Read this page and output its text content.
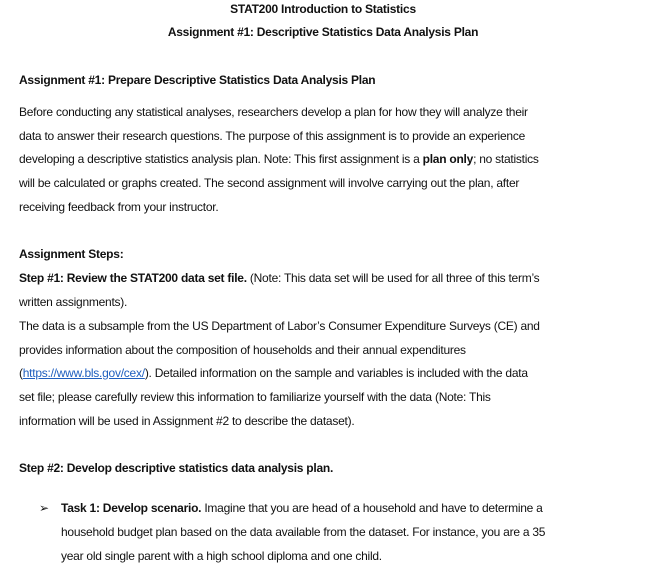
STAT200 Introduction to Statistics
Assignment #1: Descriptive Statistics Data Analysis Plan
Assignment #1: Prepare Descriptive Statistics Data Analysis Plan
Before conducting any statistical analyses, researchers develop a plan for how they will analyze their
data to answer their research questions. The purpose of this assignment is to provide an experience
developing a descriptive statistics analysis plan. Note: This first assignment is a plan only; no statistics
will be calculated or graphs created. The second assignment will involve carrying out the plan, after
receiving feedback from your instructor.
Assignment Steps:
Step #1: Review the STAT200 data set file. (Note: This data set will be used for all three of this term’s
written assignments).
The data is a subsample from the US Department of Labor’s Consumer Expenditure Surveys (CE) and
provides information about the composition of households and their annual expenditures
(https://www.bls.gov/cex/). Detailed information on the sample and variables is included with the data
set file; please carefully review this information to familiarize yourself with the data (Note: This
information will be used in Assignment #2 to describe the dataset).
Step #2: Develop descriptive statistics data analysis plan.
➢ Task 1: Develop scenario. Imagine that you are head of a household and have to determine a
household budget plan based on the data available from the dataset. For instance, you are a 35
year old single parent with a high school diploma and one child.
